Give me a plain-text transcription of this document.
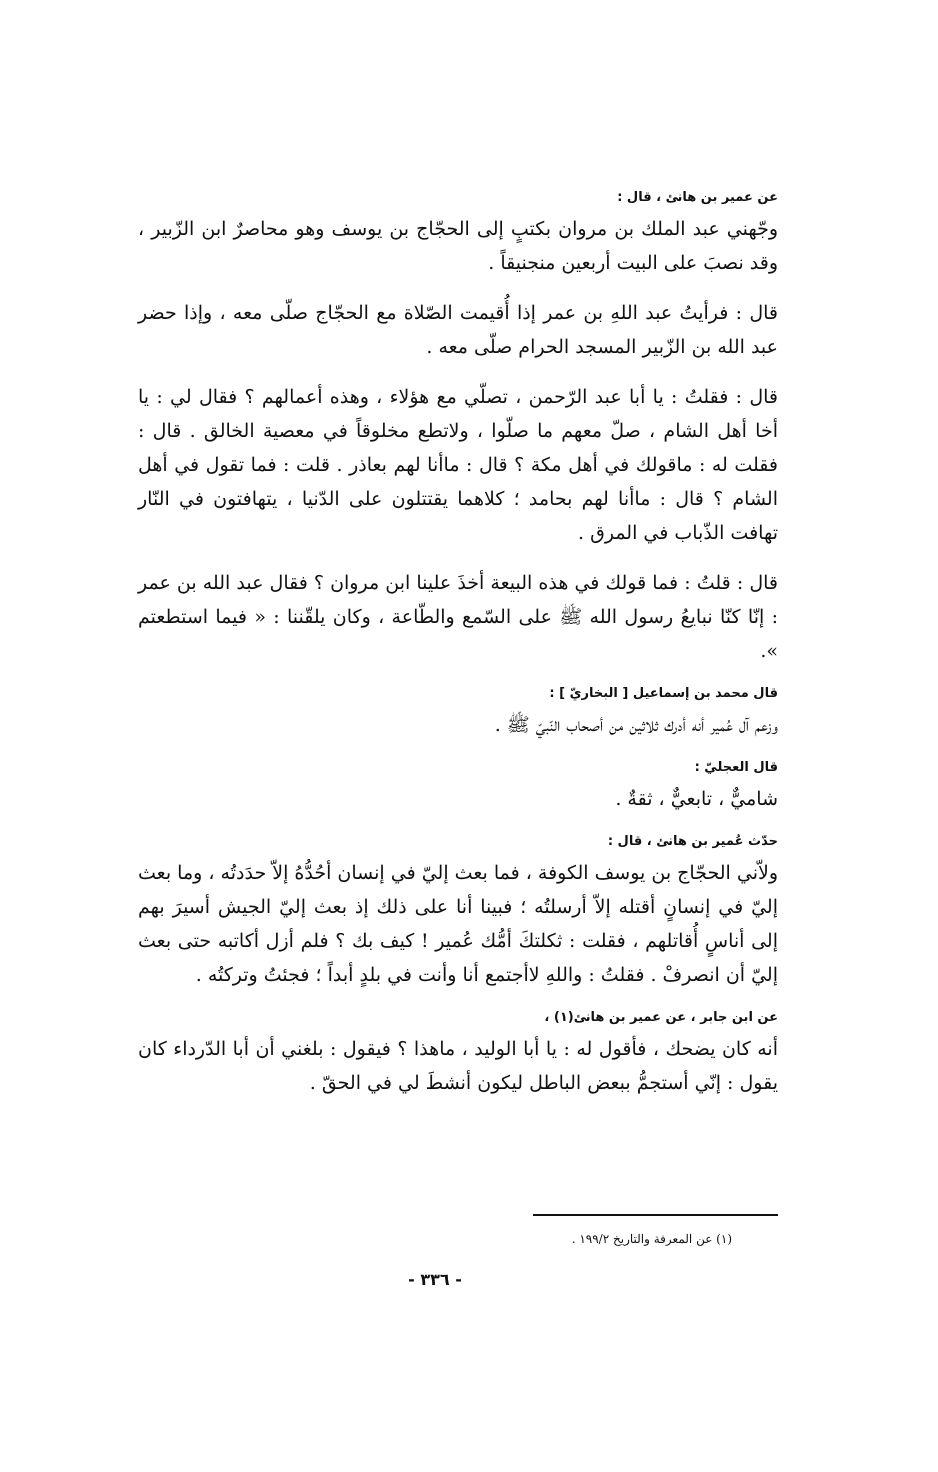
عن عمير بن هانئ ، قال :

وجّهني عبد الملك بن مروان بكتبٍ إلى الحجّاج بن يوسف وهو محاصرٌ ابن الزّبير ، وقد نصبَ على البيت أربعين منجنيقاً .

قال : فرأيتُ عبد اللهِ بن عمر إذا أُقيمت الصّلاة مع الحجّاج صلّى معه ، وإذا حضر عبد الله بن الزّبير المسجد الحرام صلّى معه .

قال : فقلتُ : يا أبا عبد الرّحمن ، تصلّي مع هؤلاء ، وهذه أعمالهم ؟ فقال لي : يا أخا أهل الشام ، صلّ معهم ما صلّوا ، ولاتطع مخلوقاً في معصية الخالق . قال : فقلت له : ماقولك في أهل مكة ؟ قال : ماأنا لهم بعاذر . قلت : فما تقول في أهل الشام ؟ قال : ماأنا لهم بحامد ؛ كلاهما يقتتلون على الدّنيا ، يتهافتون في النّار تهافت الذّباب في المرق .

قال : قلتُ : فما قولك في هذه البيعة أخذَ علينا ابن مروان ؟ فقال عبد الله بن عمر : إنّا كنّا نبايعُ رسول الله ﷺ على السّمع والطّاعة ، وكان يلقّننا : « فيما استطعتم ».

قال محمد بن إسماعيل [ البخاريّ ] :

وزعم آل عُمير أنه أدرك ثلاثين من أصحاب النّبيّ ﷺ .

قال العجليّ :

شاميٌّ ، تابعيٌّ ، ثقةٌ .

حدّث عُمير بن هانئ ، قال :

ولاّني الحجّاج بن يوسف الكوفة ، فما بعث إليّ في إنسان أحُدُّهُ إلاّ حدَدتُه ، وما بعث إليّ في إنسانٍ أقتله إلاّ أرسلتُه ؛ فبينا أنا على ذلك إذ بعث إليّ الجيش أسيرَ بهم إلى أناسٍ أُقاتلهم ، فقلت : ثكلتكَ أمُّك عُمير ! كيف بك ؟ فلم أزل أكاتبه حتى بعث إليّ أن انصرفْ . فقلتُ : واللهِ لاأجتمع أنا وأنت في بلدٍ أبداً ؛ فجئتُ وتركتُه .

عن ابن جابر ، عن عمير بن هانئ(١) ،

أنه كان يضحك ، فأقول له : يا أبا الوليد ، ماهذا ؟ فيقول : بلغني أن أبا الدّرداء كان يقول : إنّي أستجمُّ ببعض الباطل ليكون أنشطَ لي في الحقّ .

(١) عن المعرفة والتاريخ ١٩٩/٢ .
- ٣٣٦ -
